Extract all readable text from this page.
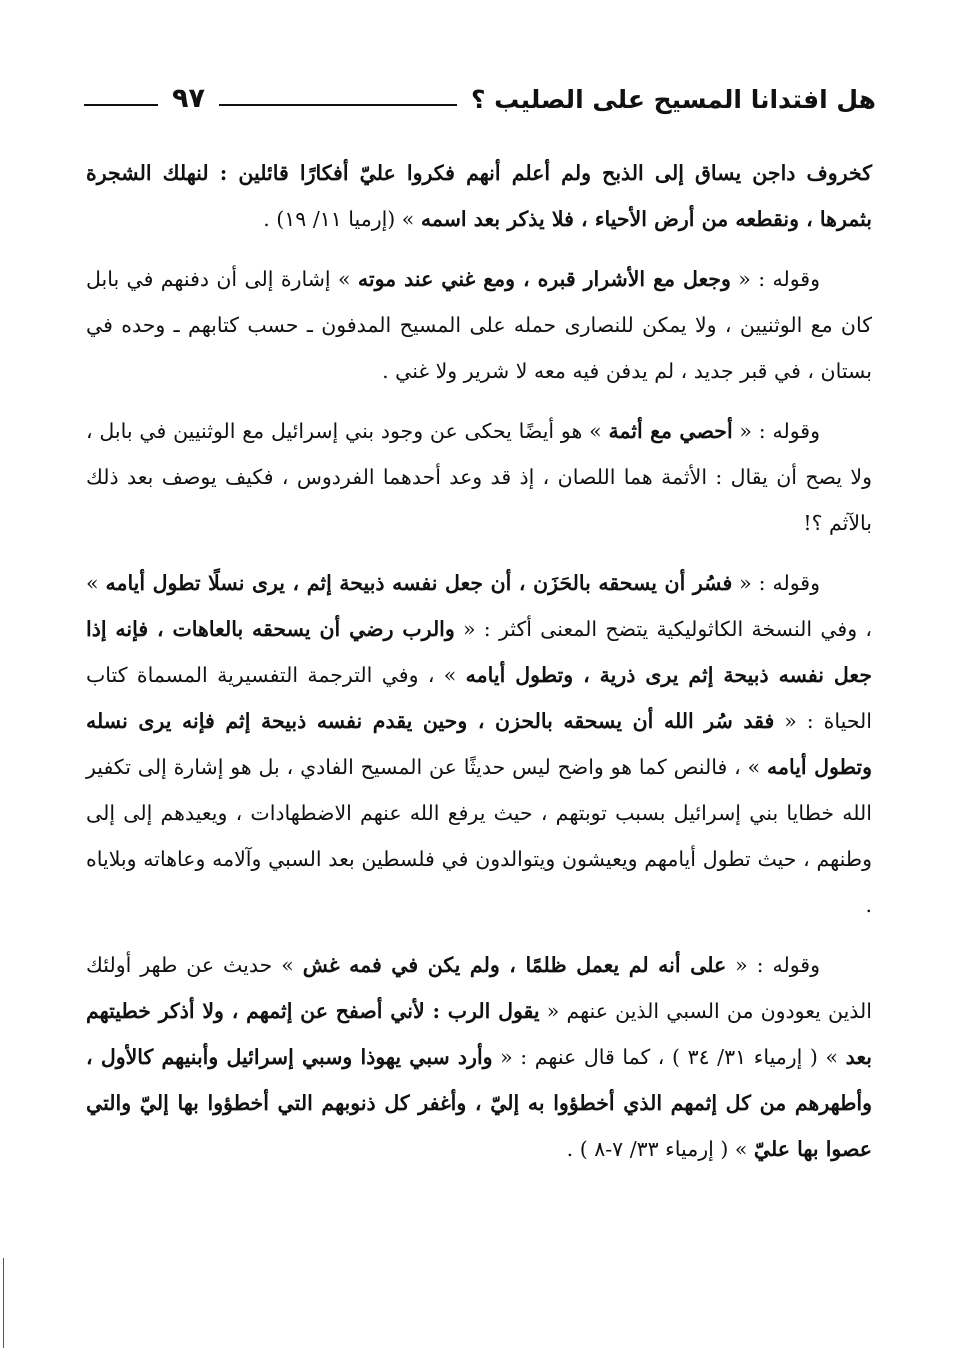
هل افتدانا المسيح على الصليب ؟
٩٧

كخروف داجن يساق إلى الذبح ولم أعلم أنهم فكروا عليّ أفكارًا قائلين : لنهلك الشجرة بثمرها ، ونقطعه من أرض الأحياء ، فلا يذكر بعد اسمه » (إرميا ١١/ ١٩) .

وقوله : « وجعل مع الأشرار قبره ، ومع غني عند موته » إشارة إلى أن دفنهم في بابل كان مع الوثنيين ، ولا يمكن للنصارى حمله على المسيح المدفون ـ حسب كتابهم ـ وحده في بستان ، في قبر جديد ، لم يدفن فيه معه لا شرير ولا غني .

وقوله : « أحصي مع أثمة » هو أيضًا يحكى عن وجود بني إسرائيل مع الوثنيين في بابل ، ولا يصح أن يقال : الأثمة هما اللصان ، إذ قد وعد أحدهما الفردوس ، فكيف يوصف بعد ذلك بالآثم ؟!

وقوله : « فسُر أن يسحقه بالحَزَن ، أن جعل نفسه ذبيحة إثم ، يرى نسلًا تطول أيامه » ، وفي النسخة الكاثوليكية يتضح المعنى أكثر : « والرب رضي أن يسحقه بالعاهات ، فإنه إذا جعل نفسه ذبيحة إثم يرى ذرية ، وتطول أيامه » ، وفي الترجمة التفسيرية المسماة كتاب الحياة : « فقد سُر الله أن يسحقه بالحزن ، وحين يقدم نفسه ذبيحة إثم فإنه يرى نسله وتطول أيامه » ، فالنص كما هو واضح ليس حديثًا عن المسيح الفادي ، بل هو إشارة إلى تكفير الله خطايا بني إسرائيل بسبب توبتهم ، حيث يرفع الله عنهم الاضطهادات ، ويعيدهم إلى إلى وطنهم ، حيث تطول أيامهم ويعيشون ويتوالدون في فلسطين بعد السبي وآلامه وعاهاته وبلاياه .

وقوله : « على أنه لم يعمل ظلمًا ، ولم يكن في فمه غش » حديث عن طهر أولئك الذين يعودون من السبي الذين عنهم « يقول الرب : لأني أصفح عن إثمهم ، ولا أذكر خطيتهم بعد » ( إرمياء ٣١/ ٣٤ ) ، كما قال عنهم : « وأرد سبي يهوذا وسبي إسرائيل وأبنيهم كالأول ، وأطهرهم من كل إثمهم الذي أخطؤوا به إليّ ، وأغفر كل ذنوبهم التي أخطؤوا بها إليّ والتي عصوا بها عليّ » ( إرمياء ٣٣/ ٧-٨ ) .
